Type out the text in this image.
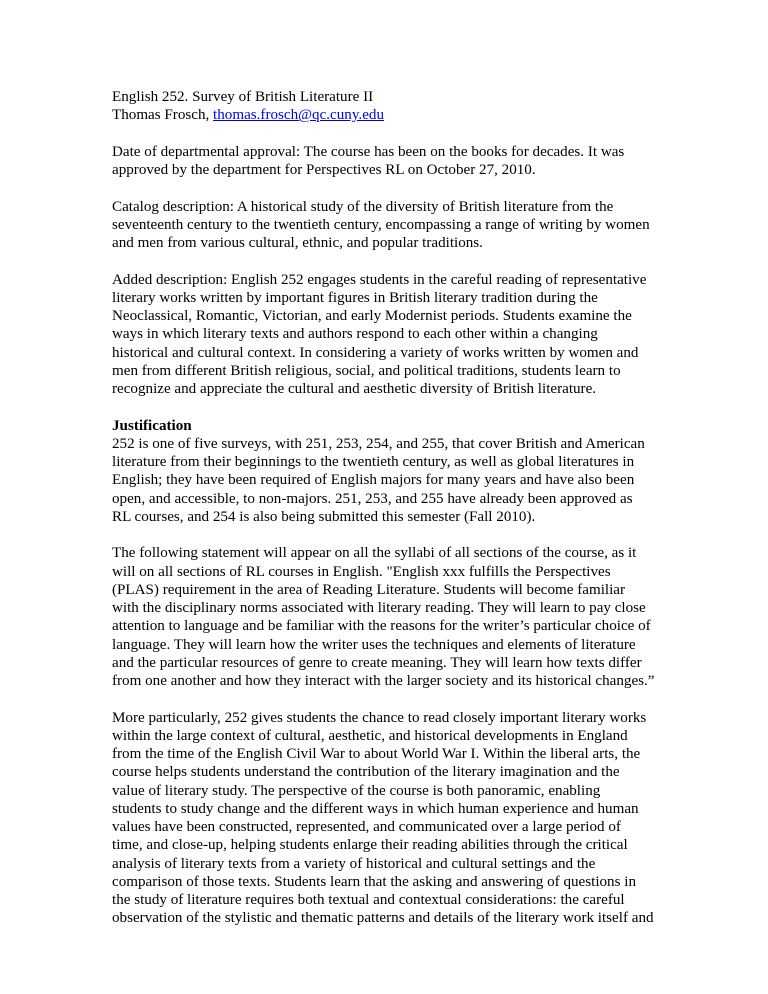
English 252. Survey of British Literature II
Thomas Frosch, thomas.frosch@qc.cuny.edu
Date of departmental approval: The course has been on the books for decades. It was
approved by the department for Perspectives RL on October 27, 2010.
Catalog description: A historical study of the diversity of British literature from the
seventeenth century to the twentieth century, encompassing a range of writing by women
and men from various cultural, ethnic, and popular traditions.
Added description: English 252 engages students in the careful reading of representative
literary works written by important figures in British literary tradition during the
Neoclassical, Romantic, Victorian, and early Modernist periods. Students examine the
ways in which literary texts and authors respond to each other within a changing
historical and cultural context. In considering a variety of works written by women and
men from different British religious, social, and political traditions, students learn to
recognize and appreciate the cultural and aesthetic diversity of British literature.
Justification
252 is one of five surveys, with 251, 253, 254, and 255, that cover British and American
literature from their beginnings to the twentieth century, as well as global literatures in
English; they have been required of English majors for many years and have also been
open, and accessible, to non-majors. 251, 253, and 255 have already been approved as
RL courses, and 254 is also being submitted this semester (Fall 2010).
The following statement will appear on all the syllabi of all sections of the course, as it
will on all sections of RL courses in English. "English xxx fulfills the Perspectives
(PLAS) requirement in the area of Reading Literature. Students will become familiar
with the disciplinary norms associated with literary reading. They will learn to pay close
attention to language and be familiar with the reasons for the writer’s particular choice of
language. They will learn how the writer uses the techniques and elements of literature
and the particular resources of genre to create meaning. They will learn how texts differ
from one another and how they interact with the larger society and its historical changes.”
More particularly, 252 gives students the chance to read closely important literary works
within the large context of cultural, aesthetic, and historical developments in England
from the time of the English Civil War to about World War I. Within the liberal arts, the
course helps students understand the contribution of the literary imagination and the
value of literary study. The perspective of the course is both panoramic, enabling
students to study change and the different ways in which human experience and human
values have been constructed, represented, and communicated over a large period of
time, and close-up, helping students enlarge their reading abilities through the critical
analysis of literary texts from a variety of historical and cultural settings and the
comparison of those texts. Students learn that the asking and answering of questions in
the study of literature requires both textual and contextual considerations: the careful
observation of the stylistic and thematic patterns and details of the literary work itself and
